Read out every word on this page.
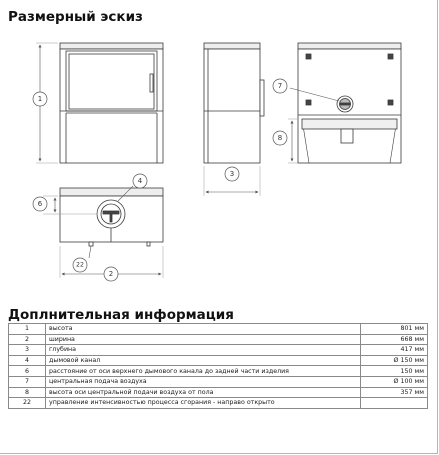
Размерный эскиз
1
3
7
8
4
6
22
2
Доплнительная информация
1	высота	801 мм
2	ширина	668 мм
3	глубина	417 мм
4	дымовой канал	Ø 150 мм
6	расстояние от оси верхнего дымового канала до задней части изделия	150 мм
7	центральная подача воздуха	Ø 100 мм
8	высота оси центральной подачи воздуха от пола	357 мм
22	управление интенсивностью процесса сгорания - направо открыто	
